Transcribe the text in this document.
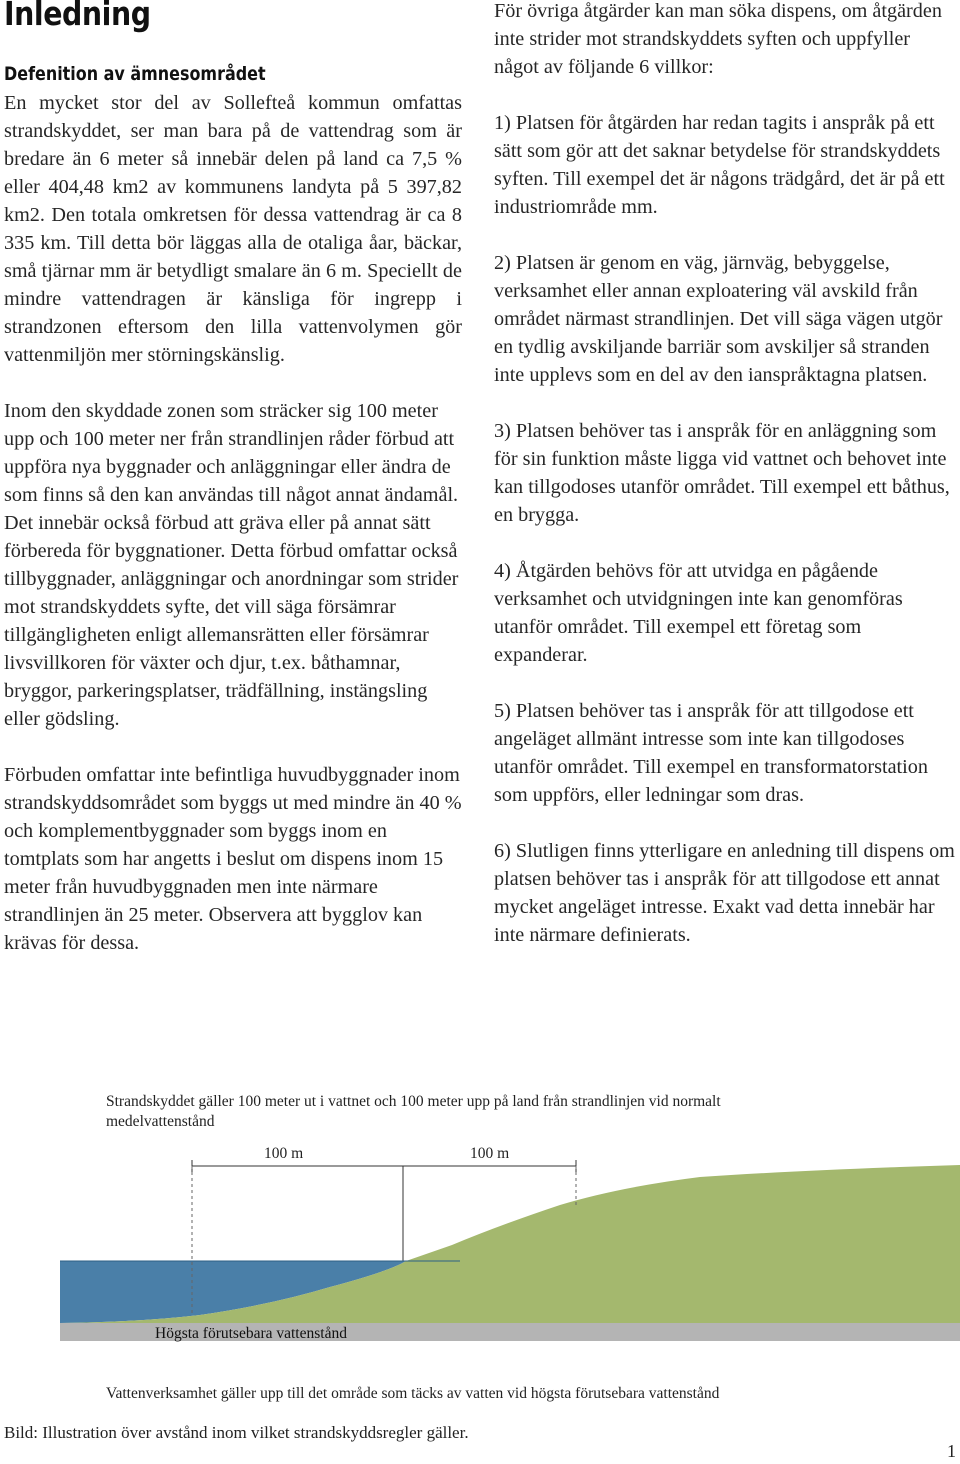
Inledning
Defenition av ämnesområdet

En mycket stor del av Sollefteå kommun omfattas strandskyddet, ser man bara på de vattendrag som är bredare än 6 meter så innebär delen på land ca 7,5 % eller 404,48 km2 av kommunens landyta på 5 397,82 km2. Den totala omkretsen för dessa vattendrag är ca 8 335 km. Till detta bör läggas alla de otaliga åar, bäckar, små tjärnar mm är betydligt smalare än 6 m. Speciellt de mindre vattendragen är känsliga för ingrepp i strandzonen eftersom den lilla vattenvolymen gör vattenmiljön mer störningskänslig.

Inom den skyddade zonen som sträcker sig 100 meter upp och 100 meter ner från strandlinjen råder förbud att uppföra nya byggnader och anläggningar eller ändra de som finns så den kan användas till något annat ändamål. Det innebär också förbud att gräva eller på annat sätt förbereda för byggnationer. Detta förbud omfattar också tillbyggnader, anläggningar och anordningar som strider mot strandskyddets syfte, det vill säga försämrar tillgängligheten enligt allemansrätten eller försämrar livsvillkoren för växter och djur, t.ex. båthamnar, bryggor, parkeringsplatser, trädfällning, instängsling eller gödsling.

Förbuden omfattar inte befintliga huvudbyggnader inom strandskyddsområdet som byggs ut med mindre än 40 % och komplementbyggnader som byggs inom en tomtplats som har angetts i beslut om dispens inom 15 meter från huvudbyggnaden men inte närmare strandlinjen än 25 meter. Observera att bygglov kan krävas för dessa.

För övriga åtgärder kan man söka dispens, om åtgärden inte strider mot strandskyddets syften och uppfyller något av följande 6 villkor:

1) Platsen för åtgärden har redan tagits i anspråk på ett sätt som gör att det saknar betydelse för strandskyddets syften. Till exempel det är någons trädgård, det är på ett industriområde mm.

2) Platsen är genom en väg, järnväg, bebyggelse, verksamhet eller annan exploatering väl avskild från området närmast strandlinjen. Det vill säga vägen utgör en tydlig avskiljande barriär som avskiljer så stranden inte upplevs som en del av den ianspråktagna platsen.

3) Platsen behöver tas i anspråk för en anläggning som för sin funktion måste ligga vid vattnet och behovet inte kan tillgodoses utanför området. Till exempel ett båthus, en brygga.

4) Åtgärden behövs för att utvidga en pågående verksamhet och utvidgningen inte kan genomföras utanför området. Till exempel ett företag som expanderar.

5) Platsen behöver tas i anspråk för att tillgodose ett angeläget allmänt intresse som inte kan tillgodoses utanför området. Till exempel en transformatorstation som uppförs, eller ledningar som dras.

6) Slutligen finns ytterligare en anledning till dispens om platsen behöver tas i anspråk för att tillgodose ett annat mycket angeläget intresse. Exakt vad detta innebär har inte närmare definierats.

Strandskyddet gäller 100 meter ut i vattnet och 100 meter upp på land från strandlinjen vid normalt medelvattenstånd

100 m	100 m

Högsta förutsebara vattenstånd

Vattenverksamhet gäller upp till det område som täcks av vatten vid högsta förutsebara vattenstånd

Bild: Illustration över avstånd inom vilket strandskyddsregler gäller.

1
